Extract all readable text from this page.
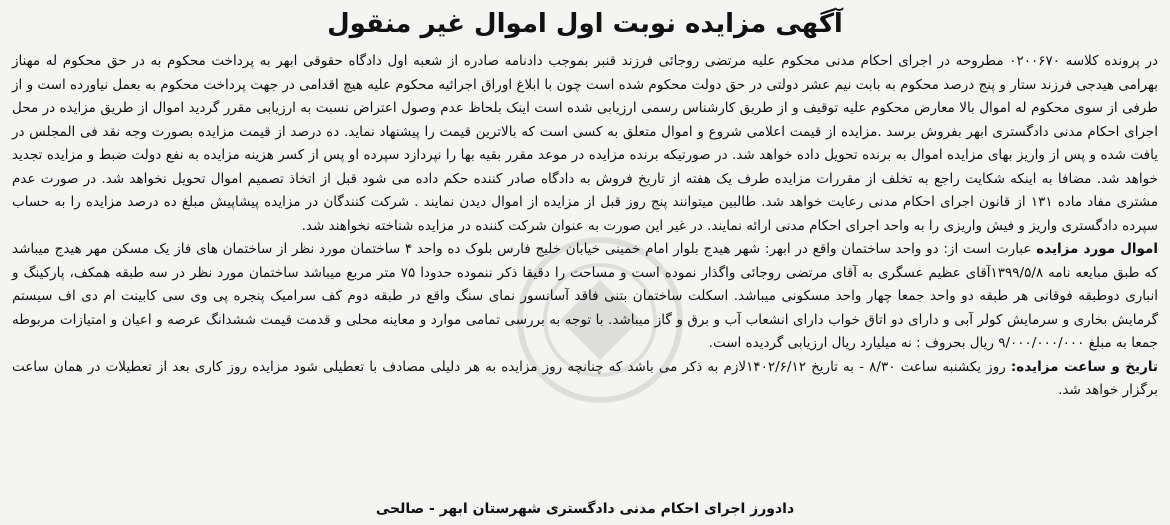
آگهی مزایده نوبت اول اموال غیر منقول

در پرونده کلاسه ۰۲۰۰۶۷۰ مطروحه در اجرای احکام مدنی محکوم علیه مرتضی روجائی فرزند قنبر بموجب دادنامه صادره از شعبه اول دادگاه حقوقی ابهر به پرداخت محکوم به در حق محکوم له مهناز بهرامی هیدجی فرزند ستار و پنج درصد محکوم به بابت نیم عشر دولتی در حق دولت محکوم شده است چون با ابلاغ اوراق اجرائیه محکوم علیه هیچ اقدامی در جهت پرداخت محکوم به بعمل نیاورده است و از طرفی از سوی محکوم له اموال بالا معارض محکوم علیه توقیف و از طریق کارشناس رسمی ارزیابی شده است اینک بلحاظ عدم وصول اعتراض نسبت به ارزیابی مقرر گردید اموال از طریق مزایده در محل اجرای احکام مدنی دادگستری ابهر بفروش برسد .مزایده از قیمت اعلامی شروع و اموال متعلق به کسی است که بالاترین قیمت را پیشنهاد نماید. ده درصد از قیمت مزایده بصورت وجه نقد فی المجلس در یافت شده و پس از واریز بهای مزایده اموال به برنده تحویل داده خواهد شد. در صورتیکه برنده مزایده در موعد مقرر بقیه بها را نپردازد سپرده او پس از کسر هزینه مزایده به نفع دولت ضبط و مزایده تجدید خواهد شد. مضافا به اینکه شکایت راجع به تخلف از مقررات مزایده طرف یک هفته از تاریخ فروش به دادگاه صادر کننده حکم داده می شود قبل از اتخاذ تصمیم اموال تحویل نخواهد شد. در صورت عدم مشتری مفاد ماده ۱۳۱ از قانون اجرای احکام مدنی رعایت خواهد شد. طالبین میتوانند پنج روز قبل از مزایده از اموال دیدن نمایند . شرکت کنندگان در مزایده پیشاپیش مبلغ ده درصد مزایده را به حساب سپرده دادگستری واریز و فیش واریزی را به واحد اجرای احکام مدنی ارائه نمایند. در غیر این صورت به عنوان شرکت کننده در مزایده شناخته نخواهند شد.

اموال مورد مزایده عبارت است از: دو واحد ساختمان واقع در ابهر: شهر هیدج بلوار امام خمینی خیابان خلیج فارس بلوک ده واحد ۴ ساختمان مورد نظر از ساختمان های فاز یک مسکن مهر هیدج میباشد که طبق مبایعه نامه ۱۳۹۹/۵/۸آقای عظیم عسگری به آقای مرتضی روجائی واگذار نموده است و مساحت را دقیقا ذکر ننموده حدودا ۷۵ متر مربع میباشد ساختمان مورد نظر در سه طبقه همکف، پارکینگ و انباری دوطبقه فوقانی هر طبقه دو واحد جمعا چهار واحد مسکونی میباشد. اسکلت ساختمان بتنی فاقد آسانسور نمای سنگ واقع در طبقه دوم کف سرامیک پنجره پی وی سی کابینت ام دی اف سیستم گرمایش بخاری و سرمایش کولر آبی و دارای دو اتاق خواب دارای انشعاب آب و برق و گاز میباشد. با توجه به بررسی تمامی موارد و معاینه محلی و قدمت قیمت ششدانگ عرصه و اعیان و امتیازات مربوطه جمعا به مبلغ ۹/۰۰۰/۰۰۰/۰۰۰ ریال بحروف : نه میلیارد ریال ارزیابی گردیده است.

تاریخ و ساعت مزایده: روز یکشنبه ساعت ۸/۳۰ - به تاریخ ۱۴۰۲/۶/۱۲لازم به ذکر می باشد که چنانچه روز مزایده به هر دلیلی مصادف با تعطیلی شود مزایده روز کاری بعد از تعطیلات در همان ساعت برگزار خواهد شد.

دادورز اجرای احکام مدنی دادگستری شهرستان ابهر - صالحی
